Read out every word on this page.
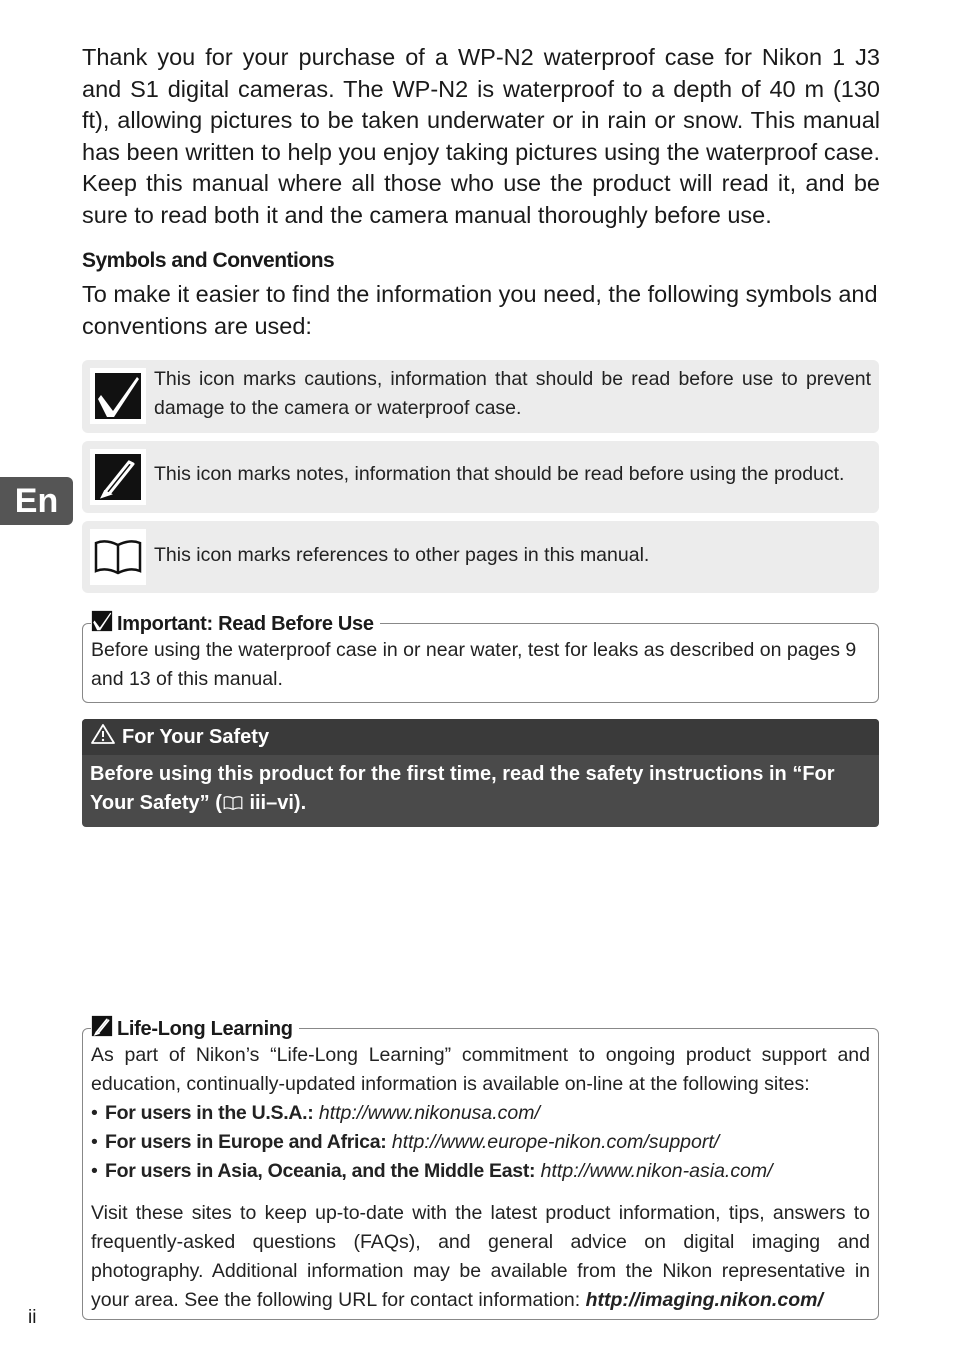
Thank you for your purchase of a WP-N2 waterproof case for Nikon 1 J3 and S1 digital cameras. The WP-N2 is waterproof to a depth of 40 m (130 ft), allowing pictures to be taken underwater or in rain or snow. This manual has been written to help you enjoy taking pictures using the waterproof case. Keep this manual where all those who use the product will read it, and be sure to read both it and the camera manual thoroughly before use.

Symbols and Conventions

To make it easier to find the information you need, the following symbols and conventions are used:

This icon marks cautions, information that should be read before use to prevent damage to the camera or waterproof case.
This icon marks notes, information that should be read before using the product.
This icon marks references to other pages in this manual.
En
Important: Read Before Use
Before using the waterproof case in or near water, test for leaks as described on pages 9 and 13 of this manual.
For Your Safety
Before using this product for the first time, read the safety instructions in “For Your Safety” ( iii–vi).
Life-Long Learning
As part of Nikon’s “Life-Long Learning” commitment to ongoing product support and education, continually-updated information is available on-line at the following sites:
• For users in the U.S.A.: http://www.nikonusa.com/
• For users in Europe and Africa: http://www.europe-nikon.com/support/
• For users in Asia, Oceania, and the Middle East: http://www.nikon-asia.com/
Visit these sites to keep up-to-date with the latest product information, tips, answers to frequently-asked questions (FAQs), and general advice on digital imaging and photography. Additional information may be available from the Nikon representative in your area. See the following URL for contact information: http://imaging.nikon.com/
ii
